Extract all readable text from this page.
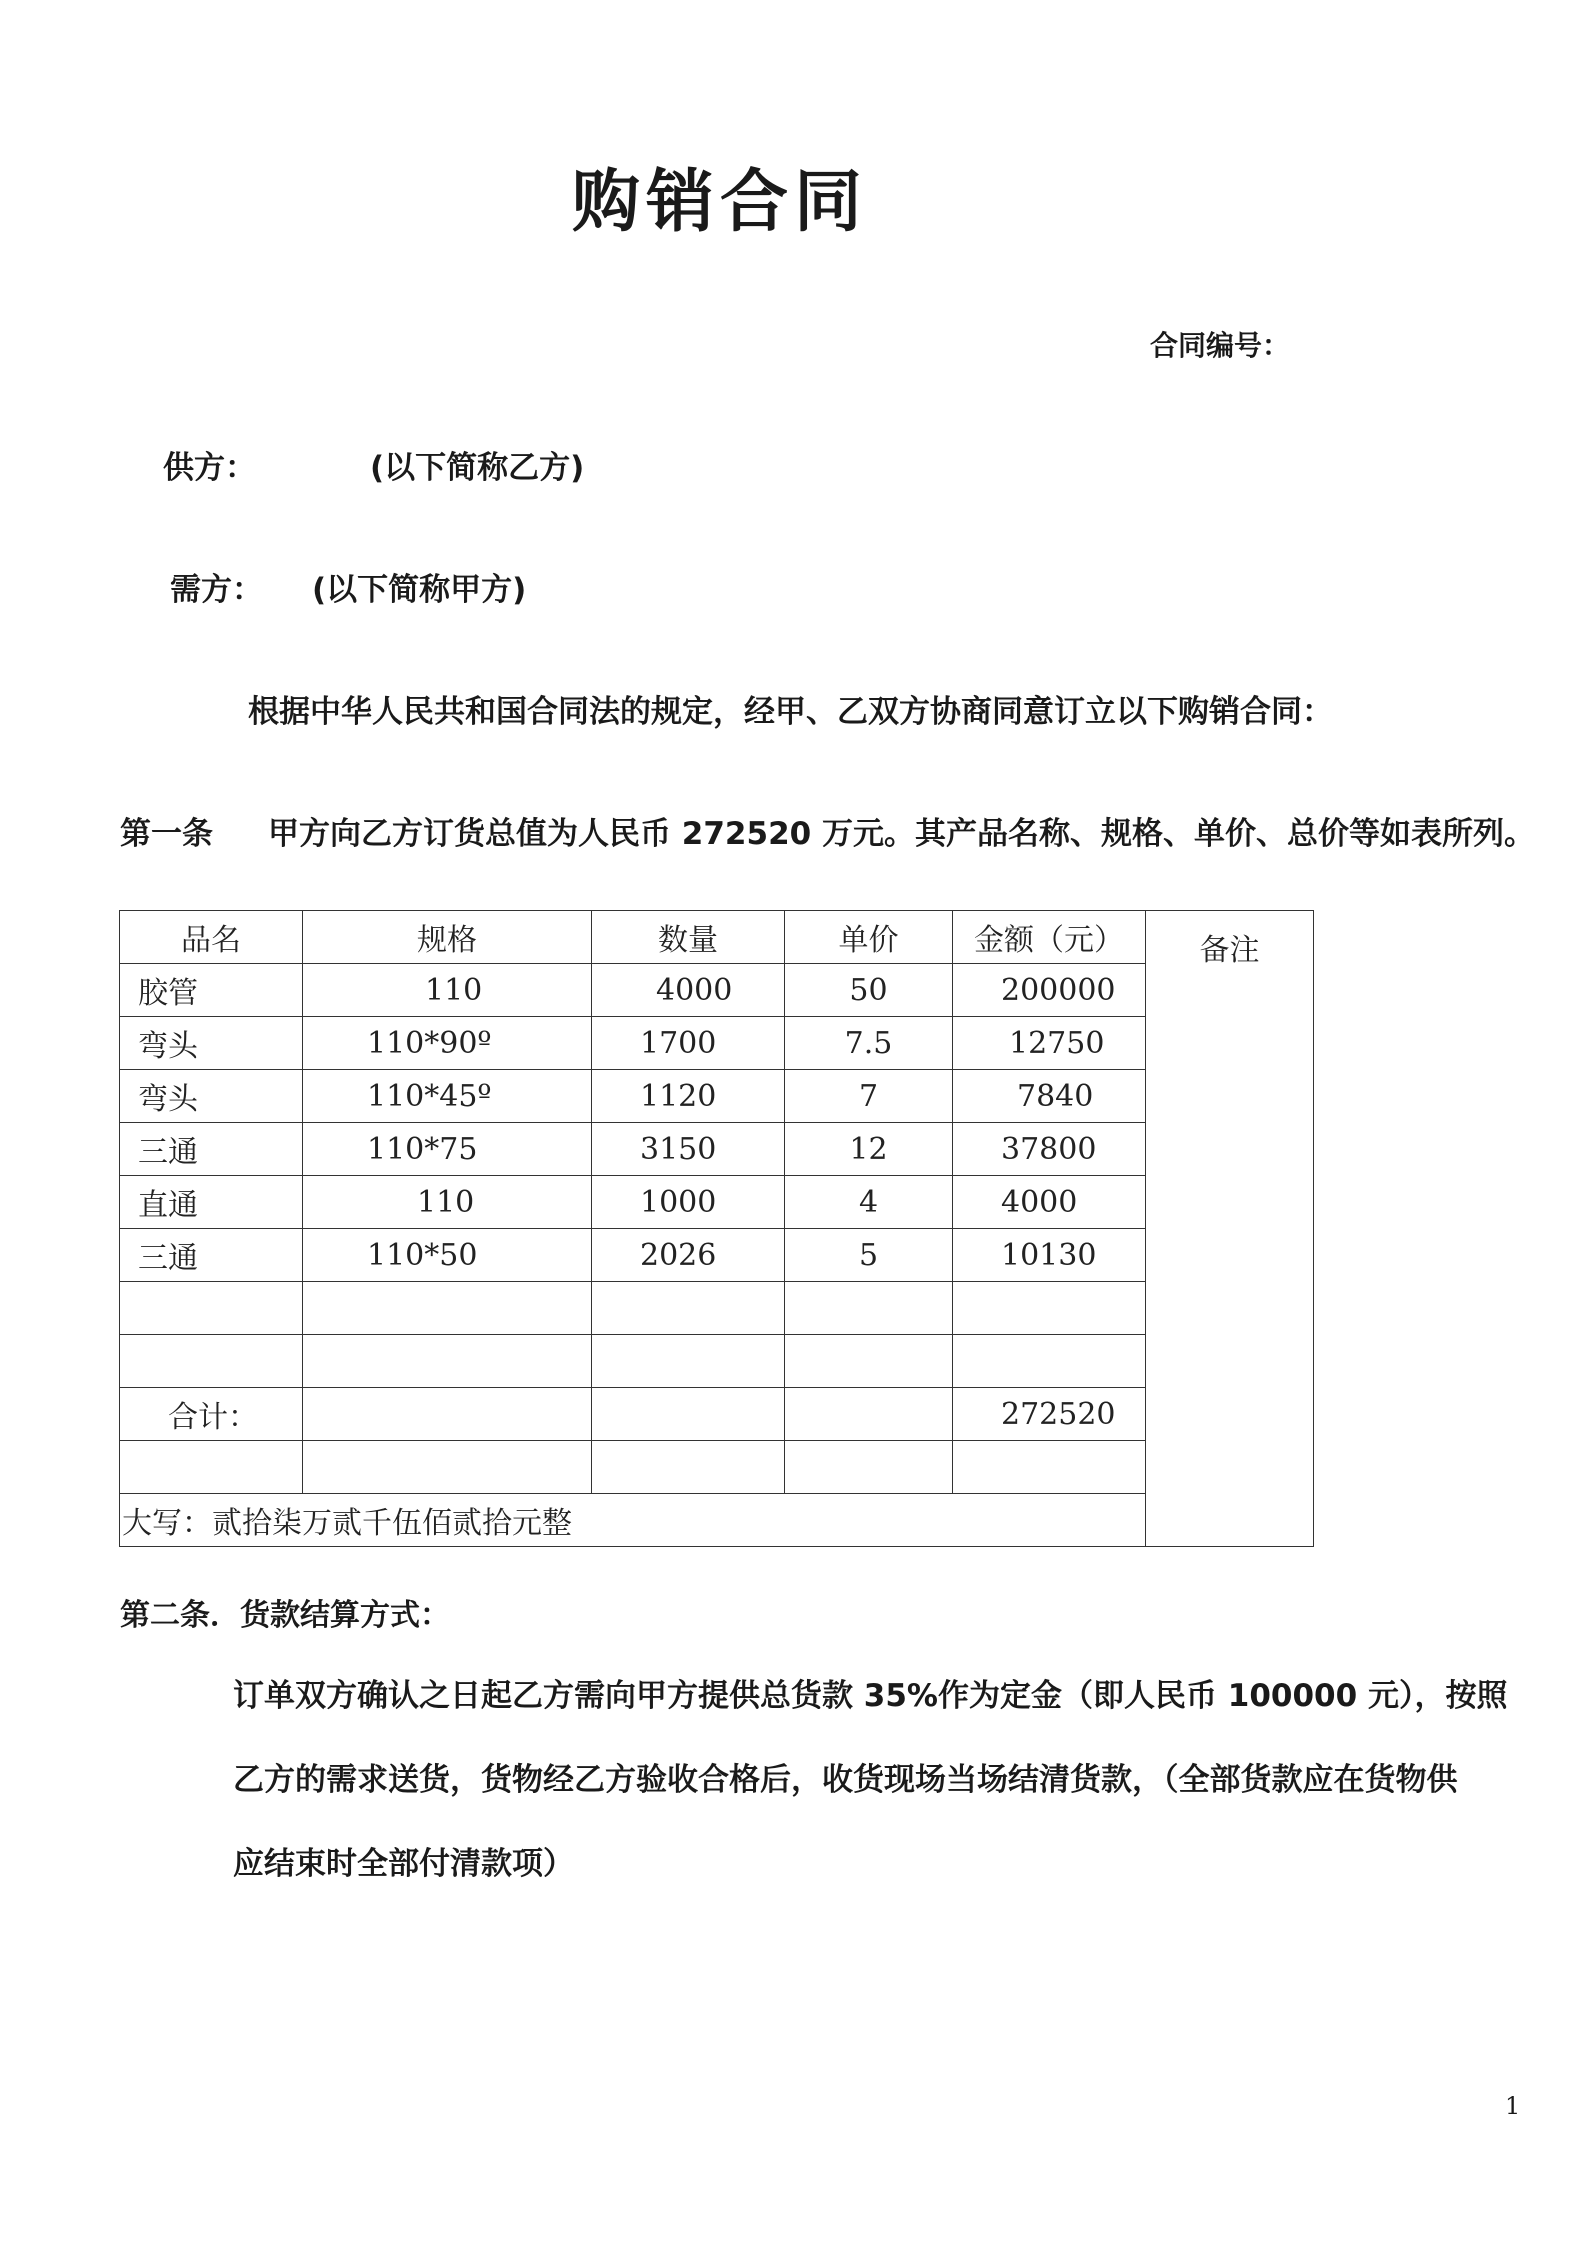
购销合同
合同编号：
供方：	(以下简称乙方)
需方： (以下简称甲方)
根据中华人民共和国合同法的规定，经甲、乙双方协商同意订立以下购销合同：
第一条 甲方向乙方订货总值为人民币 272520 万元。其产品名称、规格、单价、总价等如表所列。
品名	规格	数量	单价	金额（元）	备注
胶管	110	4000	50	200000	
弯头	110*90º	1700	7.5	12750	
弯头	110*45º	1120	7	7840	
三通	110*75	3150	12	37800	
直通	110	1000	4	4000	
三通	110*50	2026	5	10130	

合计：				272520	

大写：贰拾柒万贰千伍佰贰拾元整					
第二条．货款结算方式：
订单双方确认之日起乙方需向甲方提供总货款 35%作为定金（即人民币 100000 元），按照
乙方的需求送货，货物经乙方验收合格后，收货现场当场结清货款，（全部货款应在货物供
应结束时全部付清款项）
1
